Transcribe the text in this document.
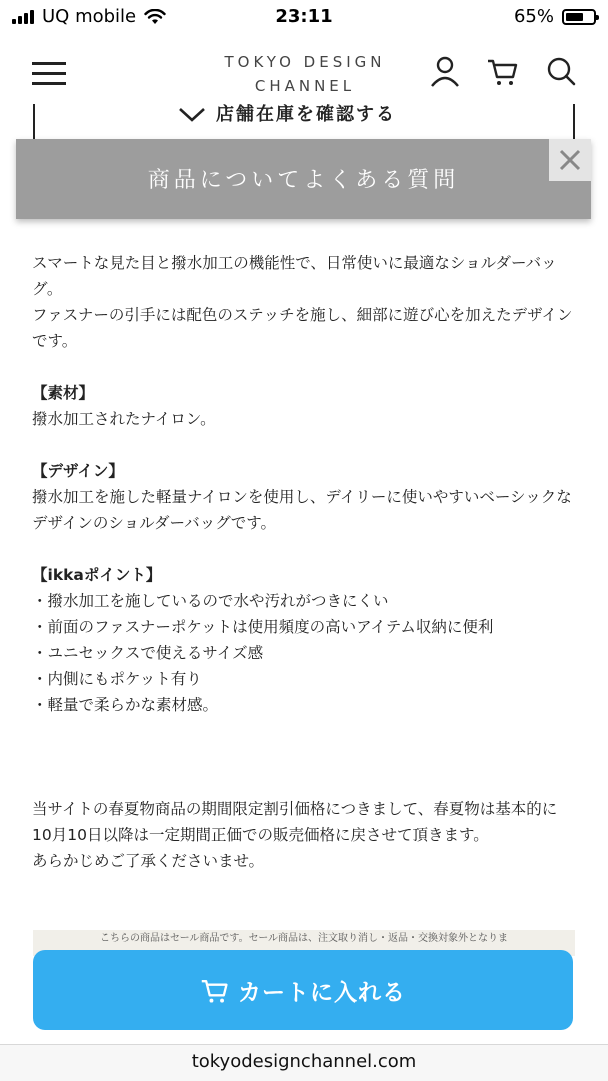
UQ mobile	23:11	65%
TOKYO DESIGN
CHANNEL
店舗在庫を確認する
商品についてよくある質問

スマートな見た目と撥水加工の機能性で、日常使いに最適なショルダーバッグ。

ファスナーの引手には配色のステッチを施し、細部に遊び心を加えたデザインです。

【素材】

撥水加工されたナイロン。

【デザイン】

撥水加工を施した軽量ナイロンを使用し、デイリーに使いやすいベーシックなデザインのショルダーバッグです。

【ikkaポイント】

・撥水加工を施しているので水や汚れがつきにくい

・前面のファスナーポケットは使用頻度の高いアイテム収納に便利

・ユニセックスで使えるサイズ感

・内側にもポケット有り

・軽量で柔らかな素材感。

当サイトの春夏物商品の期間限定割引価格につきまして、春夏物は基本的に10月10日以降は一定期間正価での販売価格に戻させて頂きます。

あらかじめご了承くださいませ。

こちらの商品はセール商品です。セール商品は、注文取り消し・返品・交換対象外となりま
カートに入れる
tokyodesignchannel.com
